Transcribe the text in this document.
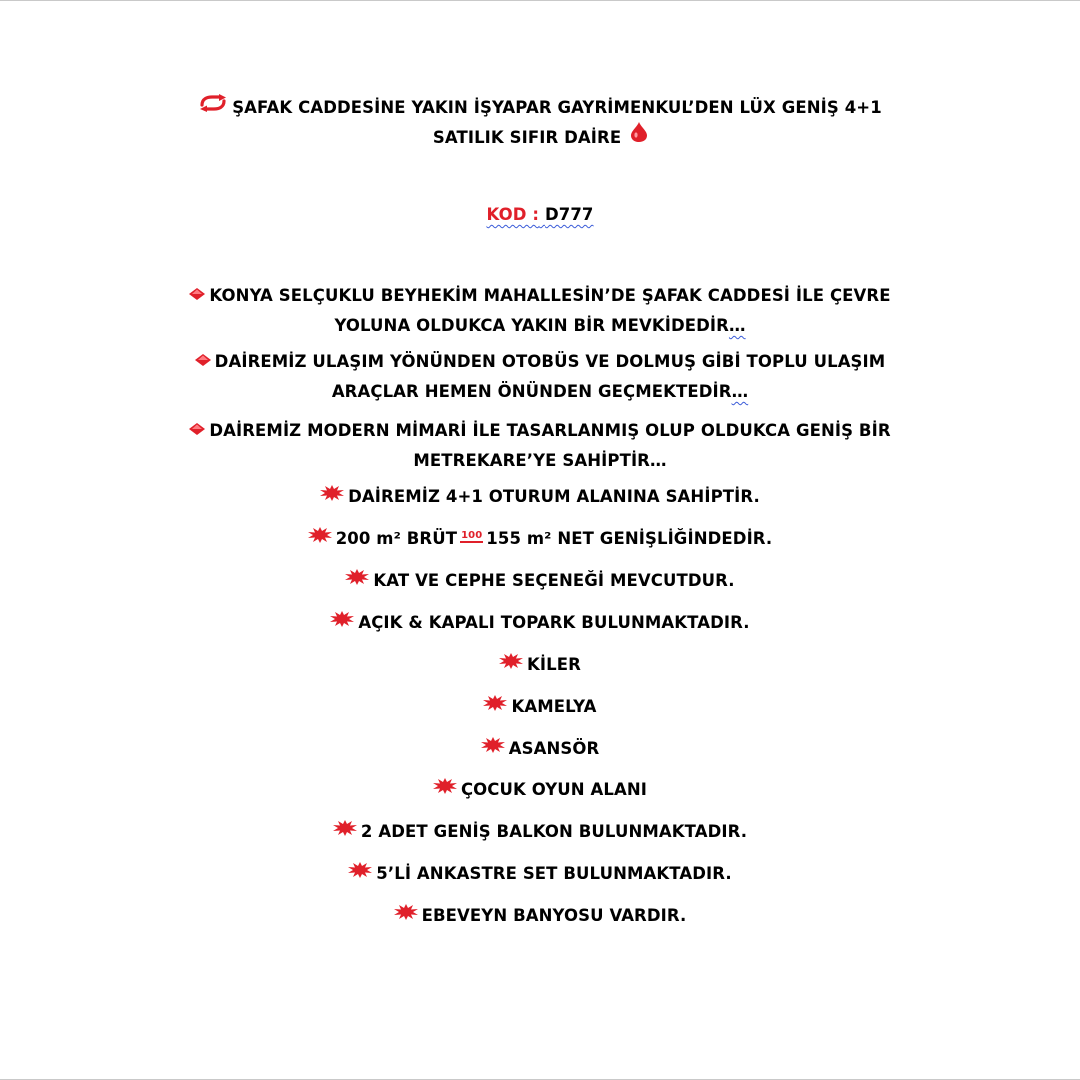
ŞAFAK CADDESİNE YAKIN İŞYAPAR GAYRİMENKUL’DEN LÜX GENİŞ 4+1
SATILIK SIFIR DAİRE
KOD : D777
KONYA SELÇUKLU BEYHEKİM MAHALLESİN’DE ŞAFAK CADDESİ İLE ÇEVRE
YOLUNA OLDUKCA YAKIN BİR MEVKİDEDİR…
DAİREMİZ ULAŞIM YÖNÜNDEN OTOBÜS VE DOLMUŞ GİBİ TOPLU ULAŞIM
ARAÇLAR HEMEN ÖNÜNDEN GEÇMEKTEDİR…
DAİREMİZ MODERN MİMARİ İLE TASARLANMIŞ OLUP OLDUKCA GENİŞ BİR
METREKARE’YE SAHİPTİR…
DAİREMİZ 4+1 OTURUM ALANINA SAHİPTİR.
200 m² BRÜT 100 155 m² NET GENİŞLİĞİNDEDİR.
KAT VE CEPHE SEÇENEĞİ MEVCUTDUR.
AÇIK & KAPALI TOPARK BULUNMAKTADIR.
KİLER
KAMELYA
ASANSÖR
ÇOCUK OYUN ALANI
2 ADET GENİŞ BALKON BULUNMAKTADIR.
5’Lİ ANKASTRE SET BULUNMAKTADIR.
EBEVEYN BANYOSU VARDIR.
